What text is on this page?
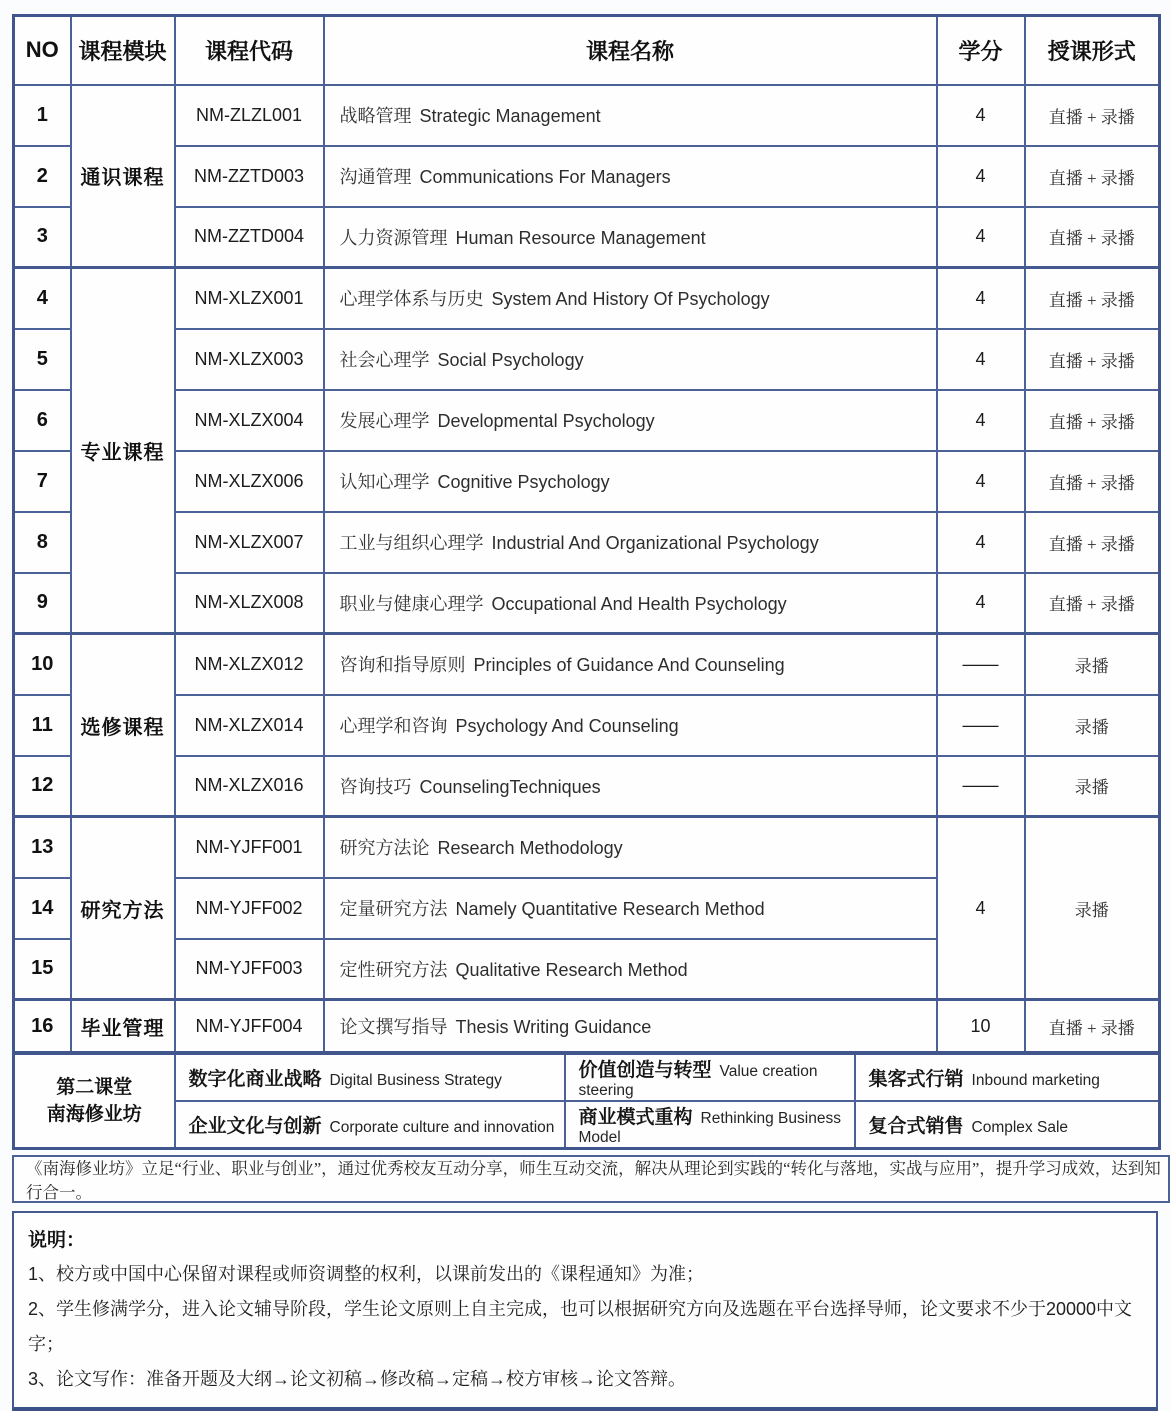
NO	课程模块	课程代码	课程名称	学分	授课形式
1	通识课程	NM-ZLZL001	战略管理 Strategic Management	4	直播 + 录播
2		NM-ZZTD003	沟通管理 Communications For Managers	4	直播 + 录播
3		NM-ZZTD004	人力资源管理 Human Resource Management	4	直播 + 录播
4	专业课程	NM-XLZX001	心理学体系与历史 System And History Of Psychology	4	直播 + 录播
5		NM-XLZX003	社会心理学 Social Psychology	4	直播 + 录播
6		NM-XLZX004	发展心理学 Developmental Psychology	4	直播 + 录播
7		NM-XLZX006	认知心理学 Cognitive Psychology	4	直播 + 录播
8		NM-XLZX007	工业与组织心理学 Industrial And Organizational Psychology	4	直播 + 录播
9		NM-XLZX008	职业与健康心理学 Occupational And Health Psychology	4	直播 + 录播
10	选修课程	NM-XLZX012	咨询和指导原则 Principles of Guidance And Counseling	——	录播
11		NM-XLZX014	心理学和咨询 Psychology And Counseling	——	录播
12		NM-XLZX016	咨询技巧 CounselingTechniques	——	录播
13	研究方法	NM-YJFF001	研究方法论 Research Methodology	4	录播
14		NM-YJFF002	定量研究方法 Namely Quantitative Research Method		
15		NM-YJFF003	定性研究方法 Qualitative Research Method		
16	毕业管理	NM-YJFF004	论文撰写指导 Thesis Writing Guidance	10	直播 + 录播
第二课堂
南海修业坊	数字化商业战略 Digital Business Strategy	价值创造与转型 Value creation steering	集客式行销 Inbound marketing
	企业文化与创新 Corporate culture and innovation	商业模式重构 Rethinking Business Model	复合式销售 Complex Sale
《南海修业坊》立足“行业、职业与创业”，通过优秀校友互动分享，师生互动交流，解决从理论到实践的“转化与落地，实战与应用”，提升学习成效，达到知行合一。
说明：

1、校方或中国中心保留对课程或师资调整的权利，以课前发出的《课程通知》为准；

2、学生修满学分，进入论文辅导阶段，学生论文原则上自主完成，也可以根据研究方向及选题在平台选择导师，论文要求不少于20000中文字；

3、论文写作：准备开题及大纲→论文初稿→修改稿→定稿→校方审核→论文答辩。
